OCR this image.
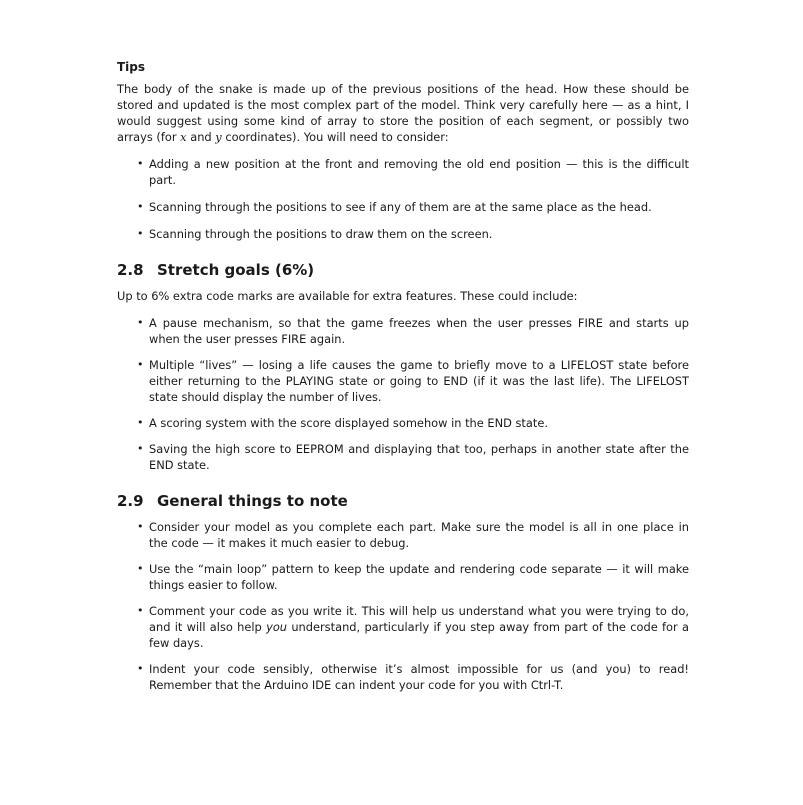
Tips

The body of the snake is made up of the previous positions of the head. How these should be stored and updated is the most complex part of the model. Think very carefully here — as a hint, I would suggest using some kind of array to store the position of each segment, or possibly two arrays (for x and y coordinates). You will need to consider:

• Adding a new position at the front and removing the old end position — this is the difficult part.
• Scanning through the positions to see if any of them are at the same place as the head.
• Scanning through the positions to draw them on the screen.
2.8 Stretch goals (6%)

Up to 6% extra code marks are available for extra features. These could include:

• A pause mechanism, so that the game freezes when the user presses FIRE and starts up when the user presses FIRE again.
• Multiple “lives” — losing a life causes the game to briefly move to a LIFELOST state before either returning to the PLAYING state or going to END (if it was the last life). The LIFELOST state should display the number of lives.
• A scoring system with the score displayed somehow in the END state.
• Saving the high score to EEPROM and displaying that too, perhaps in another state after the END state.
2.9 General things to note
• Consider your model as you complete each part. Make sure the model is all in one place in the code — it makes it much easier to debug.
• Use the “main loop” pattern to keep the update and rendering code separate — it will make things easier to follow.
• Comment your code as you write it. This will help us understand what you were trying to do, and it will also help you understand, particularly if you step away from part of the code for a few days.
• Indent your code sensibly, otherwise it’s almost impossible for us (and you) to read! Remember that the Arduino IDE can indent your code for you with Ctrl-T.
